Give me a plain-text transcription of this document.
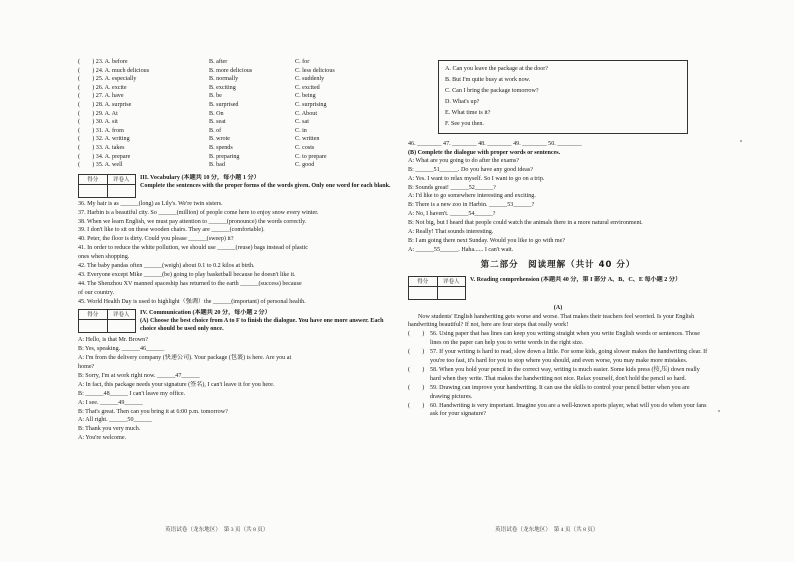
(　　) 23. A. before	B. after	C. for
(　　) 24. A. much delicious	B. more delicious	C. less delicious
(　　) 25. A. especially	B. normally	C. suddenly
(　　) 26. A. excite	B. exciting	C. excited
(　　) 27. A. have	B. be	C. being
(　　) 28. A. surprise	B. surprised	C. surprising
(　　) 29. A. At	B. On	C. About
(　　) 30. A. sit	B. seat	C. sat
(　　) 31. A. from	B. of	C. in
(　　) 32. A. writing	B. wrote	C. written
(　　) 33. A. takes	B. spends	C. costs
(　　) 34. A. prepare	B. preparing	C. to prepare
(　　) 35. A. well	B. bad	C. good
得分	评卷人	III. Vocabulary (本题共 10 分，每小题 1 分）
Complete the sentences with the proper forms of the words given. Only one word for each blank.
36. My hair is as ______(long) as Lily's. We're twin sisters.
37. Harbin is a beautiful city. So ______(million) of people come here to enjoy snow every winter.
38. When we learn English, we must pay attention to ______(pronounce) the words correctly.
39. I don't like to sit on these wooden chairs. They are ______(comfortable).
40. Peter, the floor is dirty. Could you please ______(sweep) it?
41. In order to reduce the white pollution, we should use ______(reuse) bags instead of plastic
ones when shopping.
42. The baby pandas often ______(weigh) about 0.1 to 0.2 kilos at birth.
43. Everyone except Mike ______(be) going to play basketball because he doesn't like it.
44. The Shenzhou XV manned spaceship has returned to the earth ______(success) because
of our country.
45. World Health Day is used to highlight（强调）the ______(important) of personal health.
得分	评卷人	IV. Communication (本题共 20 分，每小题 2 分）
(A) Choose the best choice from A to F to finish the dialogue. You have one more answer. Each choice should be used only once.
A: Hello, is that Mr. Brown?
B: Yes, speaking. ______46______
A: I'm from the delivery company (快递公司). Your package (包裹) is here. Are you at
home?
B: Sorry, I'm at work right now. ______47______
A: In fact, this package needs your signature (签名), I can't leave it for you here.
B: ______48______ I can't leave my office.
A: I see. ______49______
B: That's great. Then can you bring it at 6:00 p.m. tomorrow?
A: All right. ______50______
B: Thank you very much.
A: You're welcome.
A. Can you leave the package at the door?
B. But I'm quite busy at work now.
C. Can I bring the package tomorrow?
D. What's up?
E. What time is it?
F. See you then.
46. ________ 47. ________ 48. ________ 49. ________ 50. ________
(B) Complete the dialogue with proper words or sentences.
A: What are you going to do after the exams?
B: ______51______. Do you have any good ideas?
A: Yes. I want to relax myself. So I want to go on a trip.
B: Sounds great! ______52______?
A: I'd like to go somewhere interesting and exciting.
B: There is a new zoo in Harbin. ______53______?
A: No, I haven't. ______54______?
B: Not big, but I heard that people could watch the animals there in a more natural environment.
A: Really! That sounds interesting.
B: I am going there next Sunday. Would you like to go with me?
A: ______55______. Haha...... I can't wait.
第二部分　阅读理解（共计 40 分）
得分	评卷人	V. Reading comprehension (本题共 40 分，第 I 部分 A、B、C、E 每小题 2 分）
(A)
Now students' English handwriting gets worse and worse. That makes their teachers feel worried. Is your English handwriting beautiful? If not, here are four steps that really work!
(　　) 56. Using paper that has lines can keep you writing straight when you write English words or sentences. Those lines on the paper can help you to write words in the right size.
(　　) 57. If your writing is hard to read, slow down a little. For some kids, going slower makes the handwriting clear. If you're too fast, it's hard for you to stop where you should, and even worse, you may make more mistakes.
(　　) 58. When you hold your pencil in the correct way, writing is much easier. Some kids press (按,压) down really hard when they write. That makes the handwriting not nice. Relax yourself, don't hold the pencil so hard.
(　　) 59. Drawing can improve your handwriting. It can use the skills to control your pencil better when you are drawing pictures.
(　　) 60. Handwriting is very important. Imagine you are a well-known sports player, what will you do when your fans ask for your signature?
英语试卷（龙东地区）　第 3 页（共 8 页）	英语试卷（龙东地区）　第 4 页（共 8 页）
